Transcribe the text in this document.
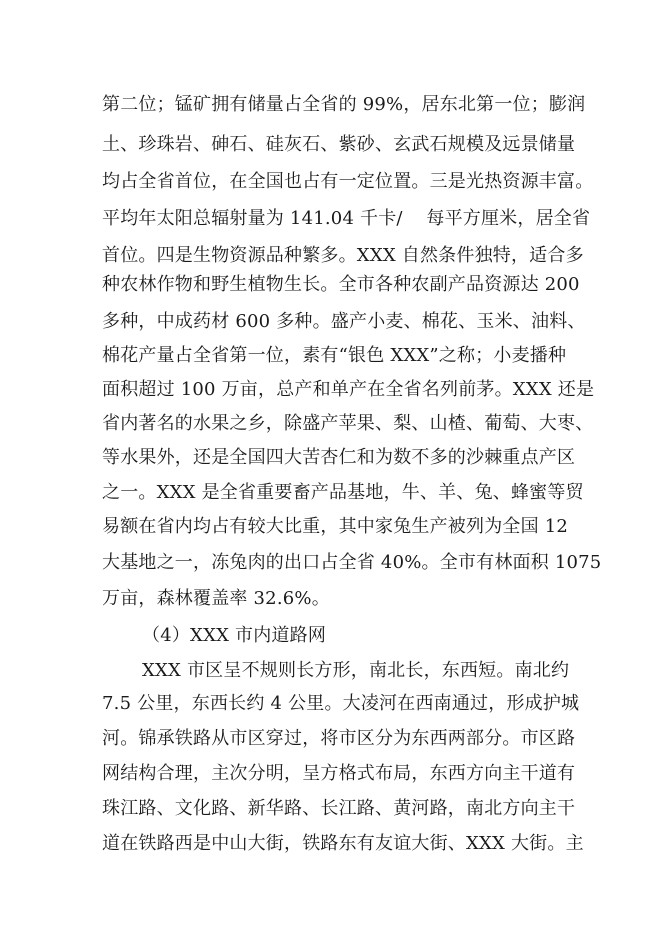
第二位；锰矿拥有储量占全省的 99%，居东北第一位；膨润
土、珍珠岩、砷石、硅灰石、紫砂、玄武石规模及远景储量
均占全省首位，在全国也占有一定位置。三是光热资源丰富。
平均年太阳总辐射量为 141.04 千卡/    每平方厘米，居全省
首位。四是生物资源品种繁多。XXX 自然条件独特，适合多
种农林作物和野生植物生长。全市各种农副产品资源达 200
多种，中成药材 600 多种。盛产小麦、棉花、玉米、油料、
棉花产量占全省第一位，素有“银色 XXX”之称；小麦播种
面积超过 100 万亩，总产和单产在全省名列前茅。XXX 还是
省内著名的水果之乡，除盛产苹果、梨、山楂、葡萄、大枣、
等水果外，还是全国四大苦杏仁和为数不多的沙棘重点产区
之一。XXX 是全省重要畜产品基地，牛、羊、兔、蜂蜜等贸
易额在省内均占有较大比重，其中家兔生产被列为全国 12
大基地之一，冻兔肉的出口占全省 40%。全市有林面积 1075
万亩，森林覆盖率 32.6%。
（4）XXX 市内道路网
XXX 市区呈不规则长方形，南北长，东西短。南北约
7.5 公里，东西长约 4 公里。大凌河在西南通过，形成护城
河。锦承铁路从市区穿过，将市区分为东西两部分。市区路
网结构合理，主次分明，呈方格式布局，东西方向主干道有
珠江路、文化路、新华路、长江路、黄河路，南北方向主干
道在铁路西是中山大街，铁路东有友谊大街、XXX 大街。主
